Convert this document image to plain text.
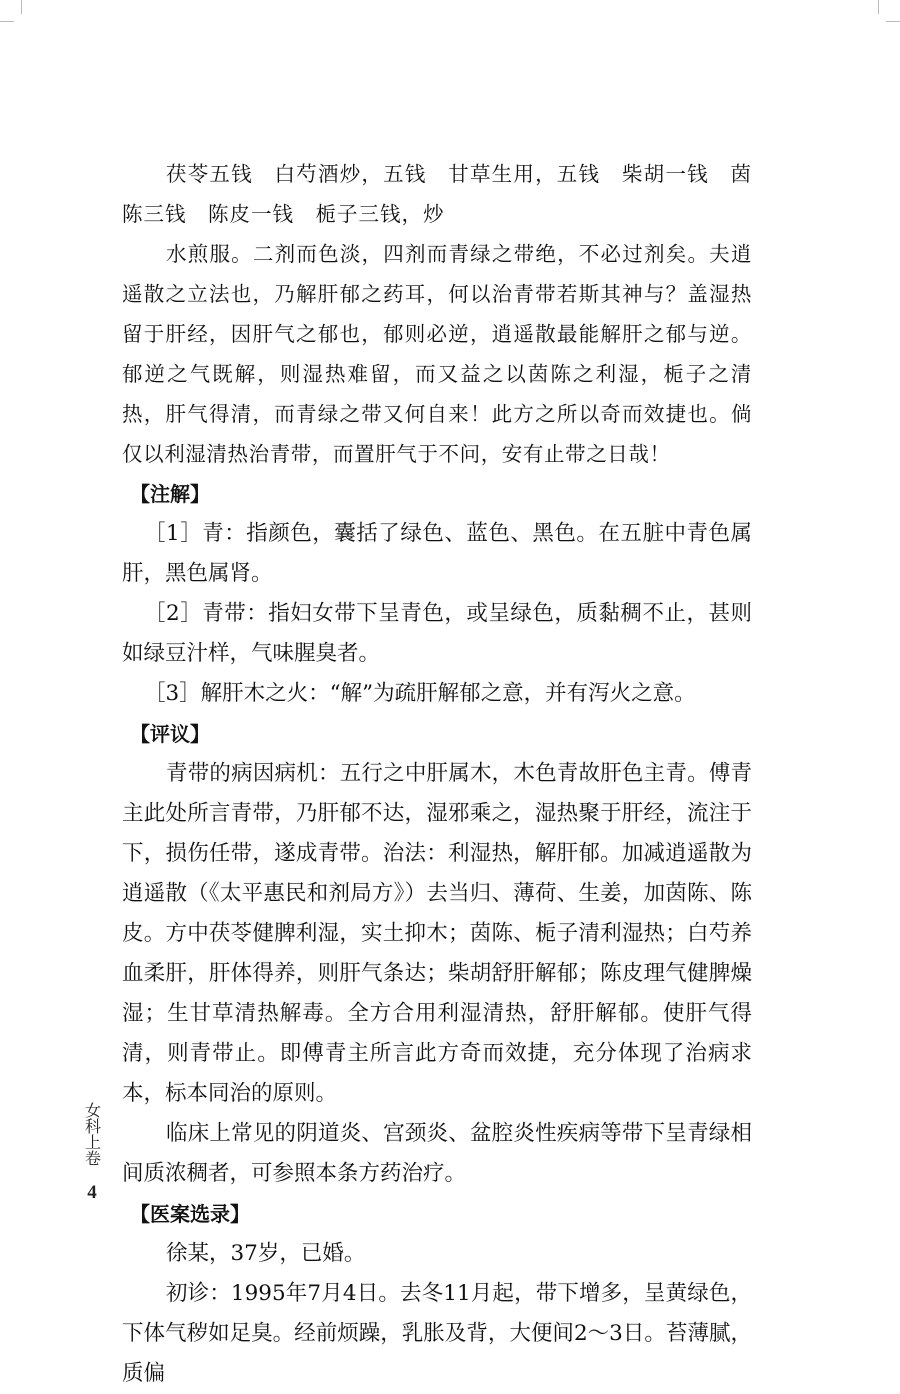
茯苓五钱　白芍酒炒，五钱　甘草生用，五钱　柴胡一钱　茵陈三钱　陈皮一钱　栀子三钱，炒

水煎服。二剂而色淡，四剂而青绿之带绝，不必过剂矣。夫逍遥散之立法也，乃解肝郁之药耳，何以治青带若斯其神与？盖湿热留于肝经，因肝气之郁也，郁则必逆，逍遥散最能解肝之郁与逆。郁逆之气既解，则湿热难留，而又益之以茵陈之利湿，栀子之清热，肝气得清，而青绿之带又何自来！此方之所以奇而效捷也。倘仅以利湿清热治青带，而置肝气于不问，安有止带之日哉！

【注解】

［1］青：指颜色，囊括了绿色、蓝色、黑色。在五脏中青色属肝，黑色属肾。

［2］青带：指妇女带下呈青色，或呈绿色，质黏稠不止，甚则如绿豆汁样，气味腥臭者。

［3］解肝木之火：“解”为疏肝解郁之意，并有泻火之意。

【评议】

青带的病因病机：五行之中肝属木，木色青故肝色主青。傅青主此处所言青带，乃肝郁不达，湿邪乘之，湿热聚于肝经，流注于下，损伤任带，遂成青带。治法：利湿热，解肝郁。加减逍遥散为逍遥散（《太平惠民和剂局方》）去当归、薄荷、生姜，加茵陈、陈皮。方中茯苓健脾利湿，实土抑木；茵陈、栀子清利湿热；白芍养血柔肝，肝体得养，则肝气条达；柴胡舒肝解郁；陈皮理气健脾燥湿；生甘草清热解毒。全方合用利湿清热，舒肝解郁。使肝气得清，则青带止。即傅青主所言此方奇而效捷，充分体现了治病求本，标本同治的原则。

临床上常见的阴道炎、宫颈炎、盆腔炎性疾病等带下呈青绿相间质浓稠者，可参照本条方药治疗。

【医案选录】

徐某，37岁，已婚。

初诊：1995年7月4日。去冬11月起，带下增多，呈黄绿色，下体气秽如足臭。经前烦躁，乳胀及背，大便间2～3日。苔薄腻，质偏

女科上卷
4
